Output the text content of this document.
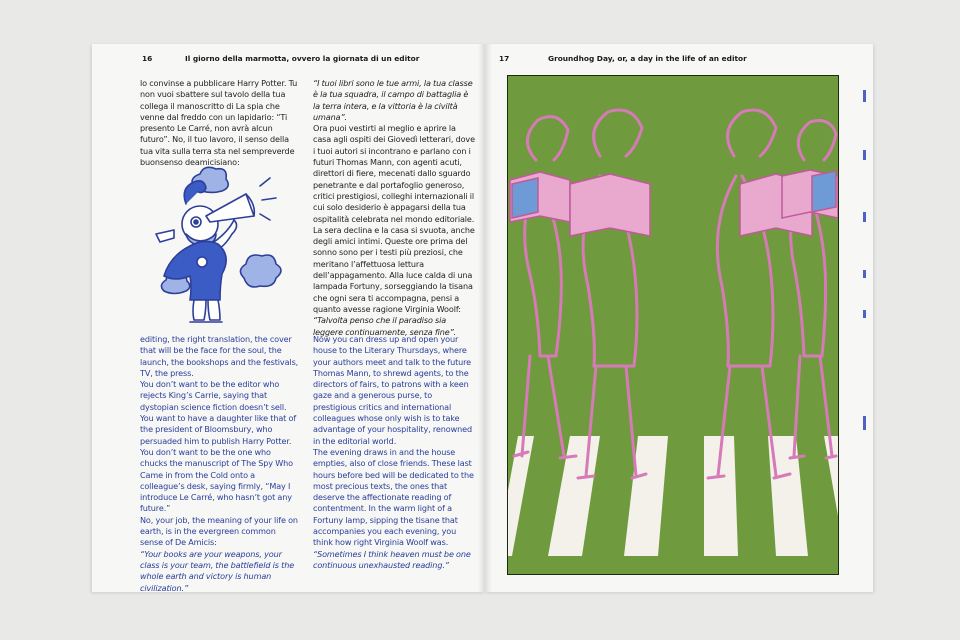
16	Il giorno della marmotta, ovvero la giornata di un editor	17	Groundhog Day, or, a day in the life of an editor

lo convinse a pubblicare Harry Potter. Tu non vuoi sbattere sul tavolo della tua collega il manoscritto di La spia che venne dal freddo con un lapidario: “Ti presento Le Carré, non avrà alcun futuro”. No, il tuo lavoro, il senso della tua vita sulla terra sta nel sempreverde buonsenso deamicisiano:

editing, the right translation, the cover that will be the face for the soul, the launch, the bookshops and the festivals, TV, the press.

You don’t want to be the editor who rejects King’s Carrie, saying that dystopian science fiction doesn’t sell. You want to have a daughter like that of the president of Bloomsbury, who persuaded him to publish Harry Potter. You don’t want to be the one who chucks the manuscript of The Spy Who Came in from the Cold onto a colleague’s desk, saying firmly, “May I introduce Le Carré, who hasn’t got any future.”

No, your job, the meaning of your life on earth, is in the evergreen common sense of De Amicis:

“Your books are your weapons, your class is your team, the battlefield is the whole earth and victory is human civilization.”

“I tuoi libri sono le tue armi, la tua classe è la tua squadra, il campo di battaglia è la terra intera, e la vittoria è la civiltà umana”.

Ora puoi vestirti al meglio e aprire la casa agli ospiti dei Giovedì letterari, dove i tuoi autori si incontrano e parlano con i futuri Thomas Mann, con agenti acuti, direttori di fiere, mecenati dallo sguardo penetrante e dal portafoglio generoso, critici prestigiosi, colleghi internazionali il cui solo desiderio è appagarsi della tua ospitalità celebrata nel mondo editoriale. La sera declina e la casa si svuota, anche degli amici intimi. Queste ore prima del sonno sono per i testi più preziosi, che meritano l’affettuosa lettura dell’appagamento. Alla luce calda di una lampada Fortuny, sorseggiando la tisana che ogni sera ti accompagna, pensi a quanto avesse ragione Virginia Woolf:

“Talvolta penso che il paradiso sia leggere continuamente, senza fine”.

Now you can dress up and open your house to the Literary Thursdays, where your authors meet and talk to the future Thomas Mann, to shrewd agents, to the directors of fairs, to patrons with a keen gaze and a generous purse, to prestigious critics and international colleagues whose only wish is to take advantage of your hospitality, renowned in the editorial world.

The evening draws in and the house empties, also of close friends. These last hours before bed will be dedicated to the most precious texts, the ones that deserve the affectionate reading of contentment. In the warm light of a Fortuny lamp, sipping the tisane that accompanies you each evening, you think how right Virginia Woolf was.

“Sometimes I think heaven must be one continuous unexhausted reading.”
